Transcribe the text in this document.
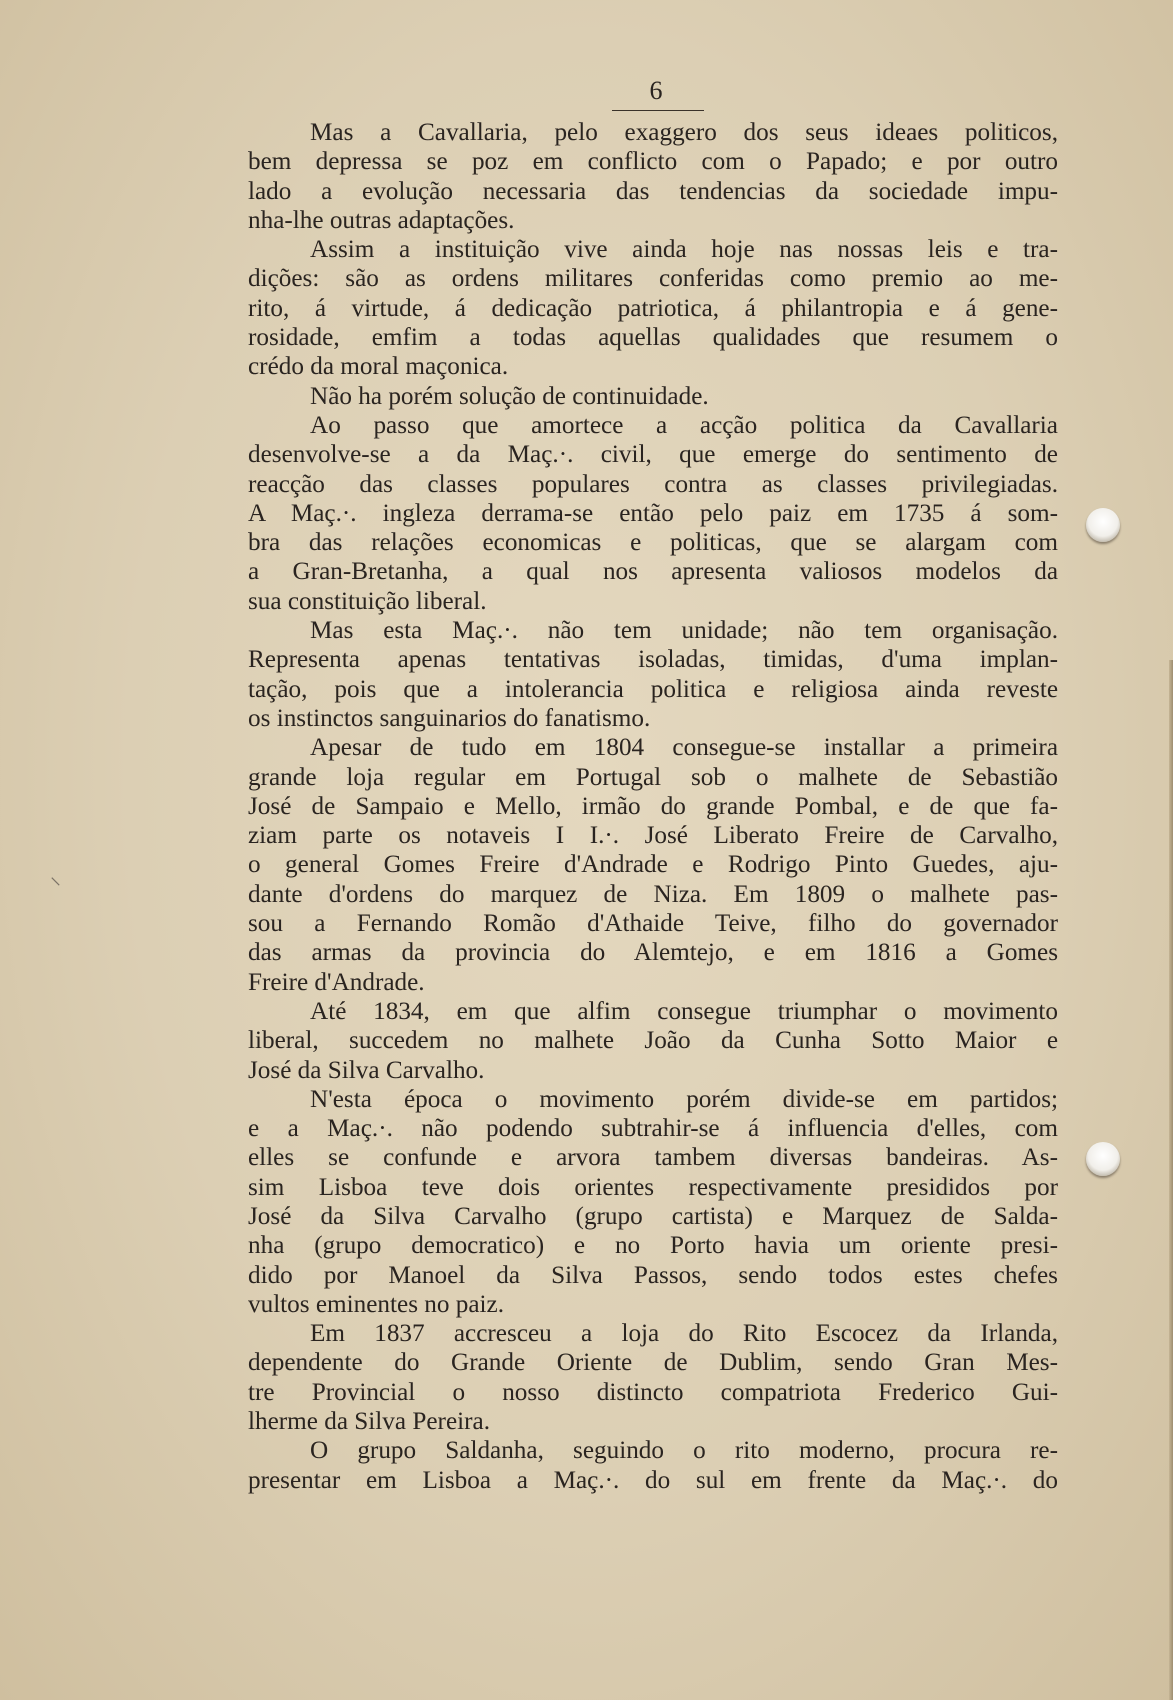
6
Mas a Cavallaria, pelo exaggero dos seus ideaes politicos,
bem depressa se poz em conflicto com o Papado; e por outro
lado a evolução necessaria das tendencias da sociedade impu-
nha-lhe outras adaptações.
Assim a instituição vive ainda hoje nas nossas leis e tra-
dições: são as ordens militares conferidas como premio ao me-
rito, á virtude, á dedicação patriotica, á philantropia e á gene-
rosidade, emfim a todas aquellas qualidades que resumem o
crédo da moral maçonica.
Não ha porém solução de continuidade.
Ao passo que amortece a acção politica da Cavallaria
desenvolve-se a da Maç.·. civil, que emerge do sentimento de
reacção das classes populares contra as classes privilegiadas.
A Maç.·. ingleza derrama-se então pelo paiz em 1735 á som-
bra das relações economicas e politicas, que se alargam com
a Gran-Bretanha, a qual nos apresenta valiosos modelos da
sua constituição liberal.
Mas esta Maç.·. não tem unidade; não tem organisação.
Representa apenas tentativas isoladas, timidas, d'uma implan-
tação, pois que a intolerancia politica e religiosa ainda reveste
os instinctos sanguinarios do fanatismo.
Apesar de tudo em 1804 consegue-se installar a primeira
grande loja regular em Portugal sob o malhete de Sebastião
José de Sampaio e Mello, irmão do grande Pombal, e de que fa-
ziam parte os notaveis I I.·. José Liberato Freire de Carvalho,
o general Gomes Freire d'Andrade e Rodrigo Pinto Guedes, aju-
dante d'ordens do marquez de Niza. Em 1809 o malhete pas-
sou a Fernando Romão d'Athaide Teive, filho do governador
das armas da provincia do Alemtejo, e em 1816 a Gomes
Freire d'Andrade.
Até 1834, em que alfim consegue triumphar o movimento
liberal, succedem no malhete João da Cunha Sotto Maior e
José da Silva Carvalho.
N'esta época o movimento porém divide-se em partidos;
e a Maç.·. não podendo subtrahir-se á influencia d'elles, com
elles se confunde e arvora tambem diversas bandeiras. As-
sim Lisboa teve dois orientes respectivamente presididos por
José da Silva Carvalho (grupo cartista) e Marquez de Salda-
nha (grupo democratico) e no Porto havia um oriente presi-
dido por Manoel da Silva Passos, sendo todos estes chefes
vultos eminentes no paiz.
Em 1837 accresceu a loja do Rito Escocez da Irlanda,
dependente do Grande Oriente de Dublim, sendo Gran Mes-
tre Provincial o nosso distincto compatriota Frederico Gui-
lherme da Silva Pereira.
O grupo Saldanha, seguindo o rito moderno, procura re-
presentar em Lisboa a Maç.·. do sul em frente da Maç.·. do
⸌
